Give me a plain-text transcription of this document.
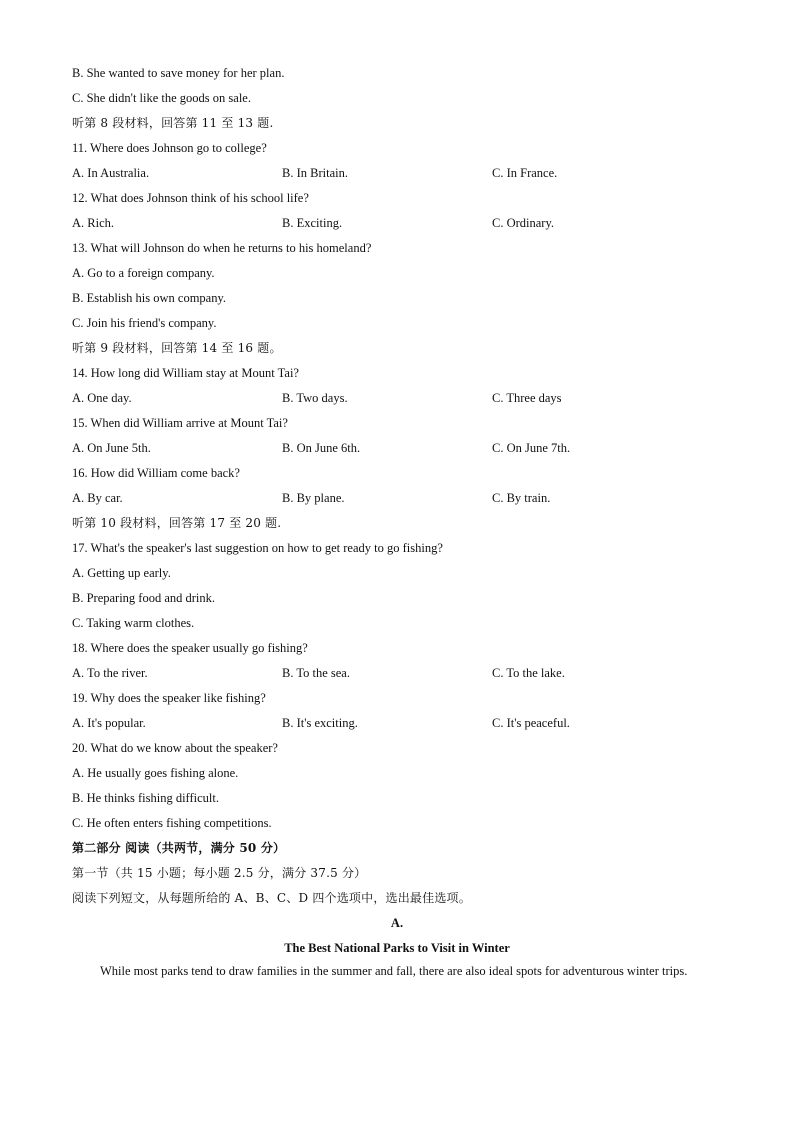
B. She wanted to save money for her plan.
C. She didn't like the goods on sale.
听第 8 段材料，回答第 11 至 13 题.
11. Where does Johnson go to college?
A. In Australia.	B. In Britain.	C. In France.
12. What does Johnson think of his school life?
A. Rich.	B. Exciting.	C. Ordinary.
13. What will Johnson do when he returns to his homeland?
A. Go to a foreign company.
B. Establish his own company.
C. Join his friend's company.
听第 9 段材料，回答第 14 至 16 题。
14. How long did William stay at Mount Tai?
A. One day.	B. Two days.	C. Three days
15. When did William arrive at Mount Tai?
A. On June 5th.	B. On June 6th.	C. On June 7th.
16. How did William come back?
A. By car.	B. By plane.	C. By train.
听第 10 段材料，回答第 17 至 20 题.
17. What's the speaker's last suggestion on how to get ready to go fishing?
A. Getting up early.
B. Preparing food and drink.
C. Taking warm clothes.
18. Where does the speaker usually go fishing?
A. To the river.	B. To the sea.	C. To the lake.
19. Why does the speaker like fishing?
A. It's popular.	B. It's exciting.	C. It's peaceful.
20. What do we know about the speaker?
A. He usually goes fishing alone.
B. He thinks fishing difficult.
C. He often enters fishing competitions.
第二部分 阅读（共两节，满分 50 分）
第一节（共 15 小题；每小题 2.5 分，满分 37.5 分）
阅读下列短文，从每题所给的 A、B、C、D 四个选项中，选出最佳选项。
A.
The Best National Parks to Visit in Winter
While most parks tend to draw families in the summer and fall, there are also ideal spots for adventurous winter trips.
